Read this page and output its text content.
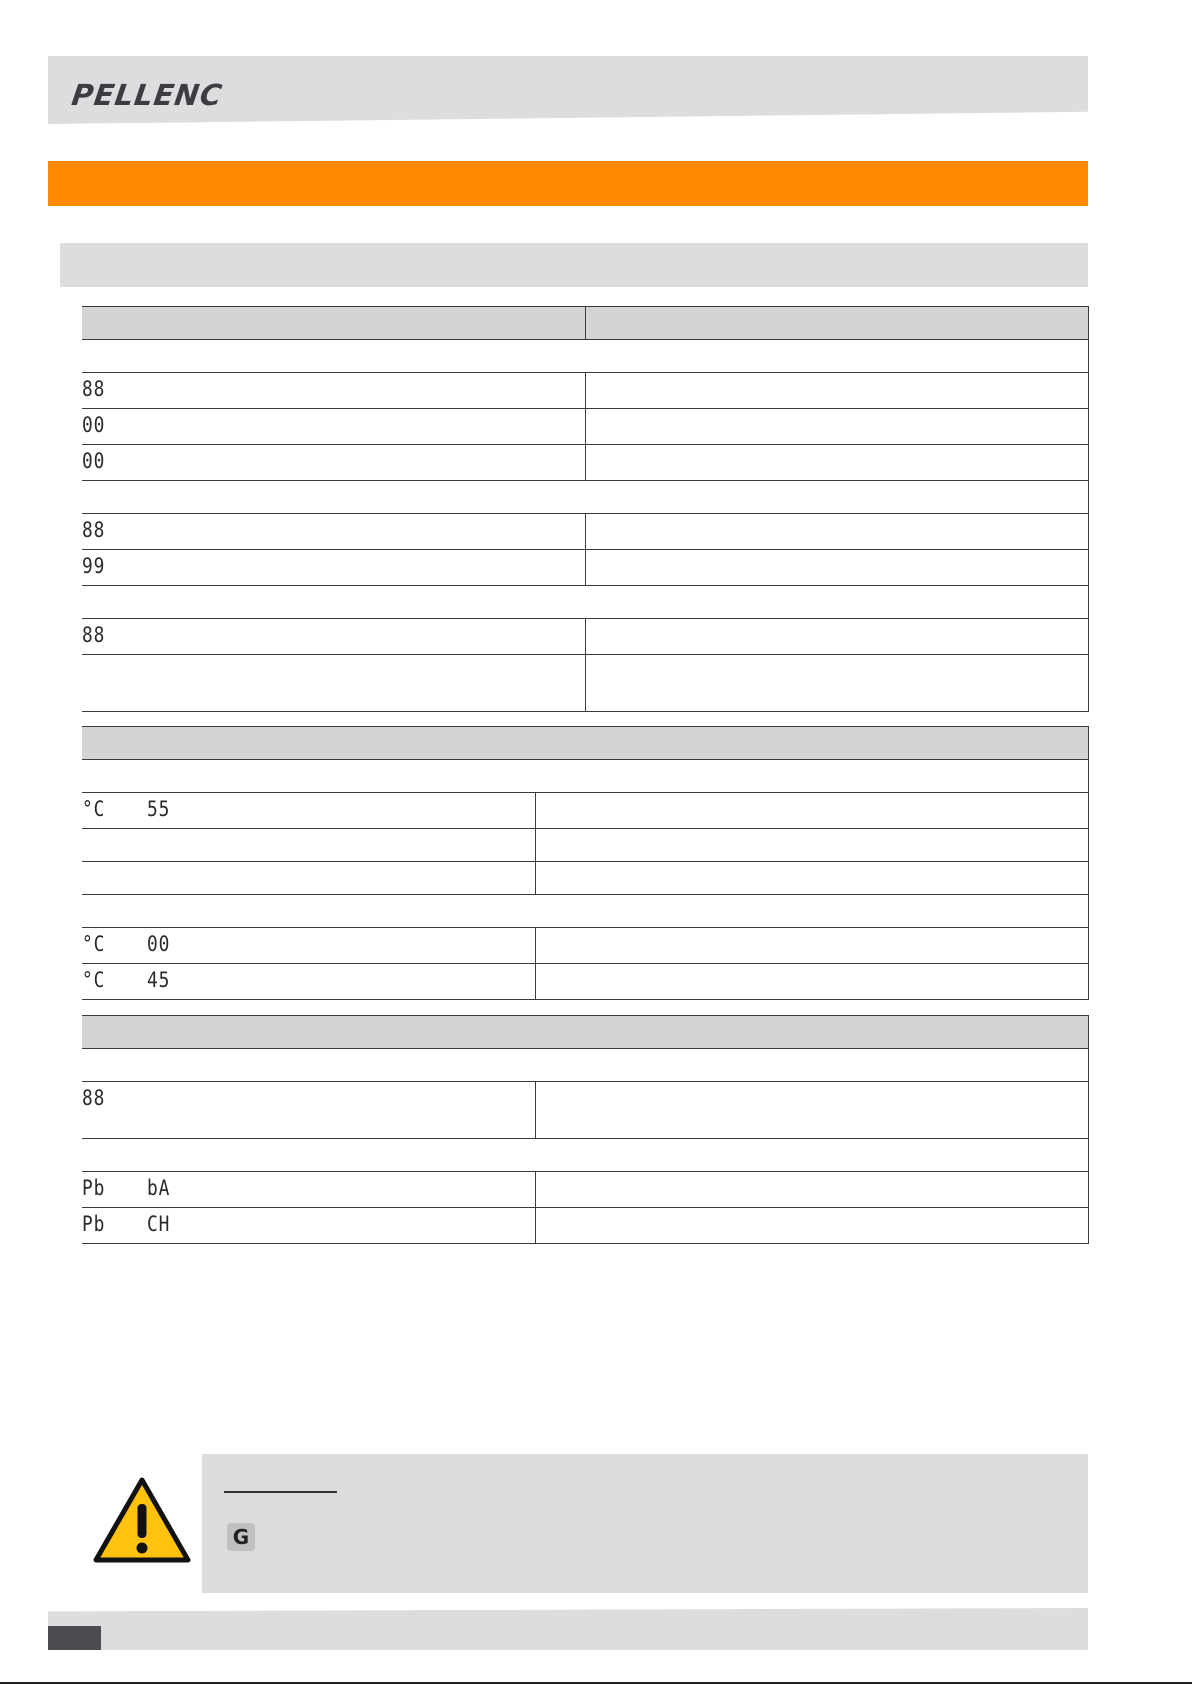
PELLENC

88	
00	
00	

88	
99	

88	

°C 55		

°C 00		
°C 45		

88		

Pb bA		
Pb CH		
G
